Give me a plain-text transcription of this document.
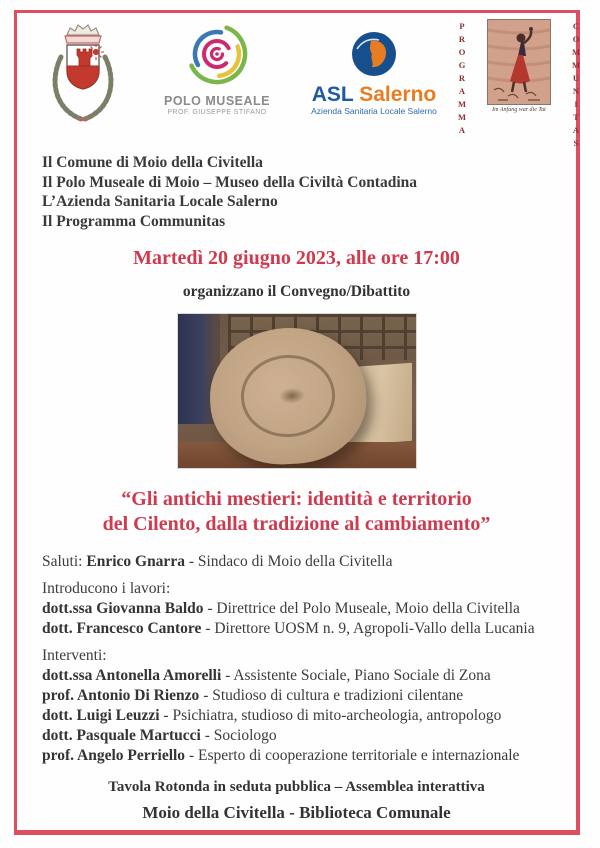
POLO MUSEALE
PROF. GIUSEPPE STIFANO
ASL Salerno
Azienda Sanitaria Locale Salerno	PROGRAMMA	Im Anfang war die Tat	COMMUNITAS
Il Comune di Moio della Civitella
Il Polo Museale di Moio – Museo della Civiltà Contadina
L’Azienda Sanitaria Locale Salerno
Il Programma Communitas
Martedì 20 giugno 2023, alle ore 17:00
organizzano il Convegno/Dibattito
“Gli antichi mestieri: identità e territorio
del Cilento, dalla tradizione al cambiamento”

Saluti: Enrico Gnarra - Sindaco di Moio della Civitella

Introducono i lavori:

dott.ssa Giovanna Baldo - Direttrice del Polo Museale, Moio della Civitella

dott. Francesco Cantore - Direttore UOSM n. 9, Agropoli-Vallo della Lucania

Interventi:

dott.ssa Antonella Amorelli - Assistente Sociale, Piano Sociale di Zona

prof. Antonio Di Rienzo - Studioso di cultura e tradizioni cilentane

dott. Luigi Leuzzi - Psichiatra, studioso di mito-archeologia, antropologo

dott. Pasquale Martucci - Sociologo

prof. Angelo Perriello - Esperto di cooperazione territoriale e internazionale

Tavola Rotonda in seduta pubblica – Assemblea interattiva
Moio della Civitella - Biblioteca Comunale
